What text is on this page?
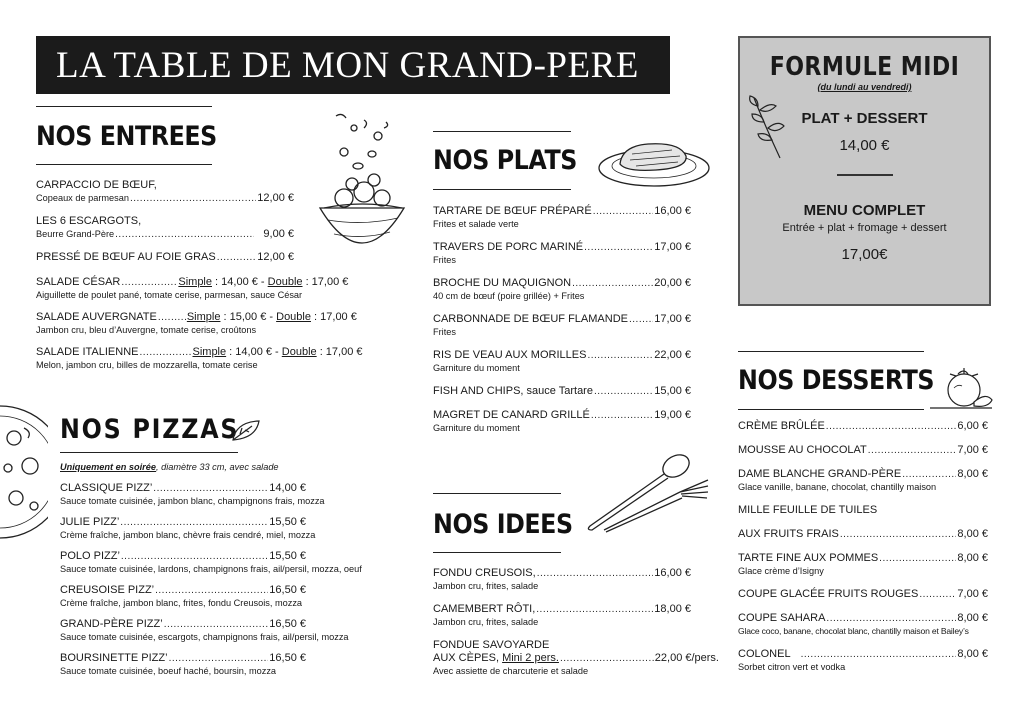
LA TABLE DE MON GRAND-PERE
NOS ENTREES
CARPACCIO DE BŒUF,
Copeaux de parmesan .....	12,00 €
LES 6 ESCARGOTS,
Beurre Grand-Père .....	9,00 €
PRESSÉ DE BŒUF AU FOIE GRAS .....	12,00 €
SALADE CÉSAR .....	Simple : 14,00 € - Double : 17,00 €
Aiguillette de poulet pané, tomate cerise, parmesan, sauce César
SALADE AUVERGNATE .....	Simple : 15,00 € - Double : 17,00 €
Jambon cru, bleu d’Auvergne, tomate cerise, croûtons
SALADE ITALIENNE .....	Simple : 14,00 € - Double : 17,00 €
Melon, jambon cru, billes de mozzarella, tomate cerise
NOS PIZZAS
Uniquement en soirée, diamètre 33 cm, avec salade
CLASSIQUE PIZZ’ .....	14,00 €
Sauce tomate cuisinée, jambon blanc, champignons frais, mozza
JULIE PIZZ’ .....	15,50 €
Crème fraîche, jambon blanc, chèvre frais cendré, miel, mozza
POLO PIZZ’ .....	15,50 €
Sauce tomate cuisinée, lardons, champignons frais, ail/persil, mozza, oeuf
CREUSOISE PIZZ’ .....	16,50 €
Crème fraîche, jambon blanc, frites, fondu Creusois, mozza
GRAND-PÈRE PIZZ’ .....	16,50 €
Sauce tomate cuisinée, escargots, champignons frais, ail/persil, mozza
BOURSINETTE PIZZ’ .....	16,50 €
Sauce tomate cuisinée, boeuf haché, boursin, mozza
NOS PLATS
TARTARE DE BŒUF PRÉPARÉ .....	16,00 €
Frites et salade verte
TRAVERS DE PORC MARINÉ .....	17,00 €
Frites
BROCHE DU MAQUIGNON .....	20,00 €
40 cm de bœuf (poire grillée) + Frites
CARBONNADE DE BŒUF FLAMANDE ..... 17,00 €
Frites
RIS DE VEAU AUX MORILLES .....	22,00 €
Garniture du moment
FISH AND CHIPS, sauce Tartare .....	15,00 €
MAGRET DE CANARD GRILLÉ .....	19,00 €
Garniture du moment
NOS IDEES
FONDU CREUSOIS, .....	16,00 €
Jambon cru, frites, salade
CAMEMBERT RÔTI, .....	18,00 €
Jambon cru, frites, salade
FONDUE SAVOYARDE
AUX CÈPES, Mini 2 pers. .....	22,00 €/pers.
Avec assiette de charcuterie et salade
FORMULE MIDI
(du lundi au vendredi)
PLAT + DESSERT
14,00 €
MENU COMPLET
Entrée + plat + fromage + dessert
17,00€
NOS DESSERTS
CRÈME BRÛLÉE .....	6,00 €
MOUSSE AU CHOCOLAT .....	7,00 €
DAME BLANCHE GRAND-PÈRE .....	8,00 €
Glace vanille, banane, chocolat, chantilly maison
MILLE FEUILLE DE TUILES
AUX FRUITS FRAIS .....	8,00 €
TARTE FINE AUX POMMES .....	8,00 €
Glace crème d’Isigny
COUPE GLACÉE FRUITS ROUGES .....	7,00 €
COUPE SAHARA .....	8,00 €
Glace coco, banane, chocolat blanc, chantilly maison et Bailey’s
COLONEL .....	8,00 €
Sorbet citron vert et vodka
